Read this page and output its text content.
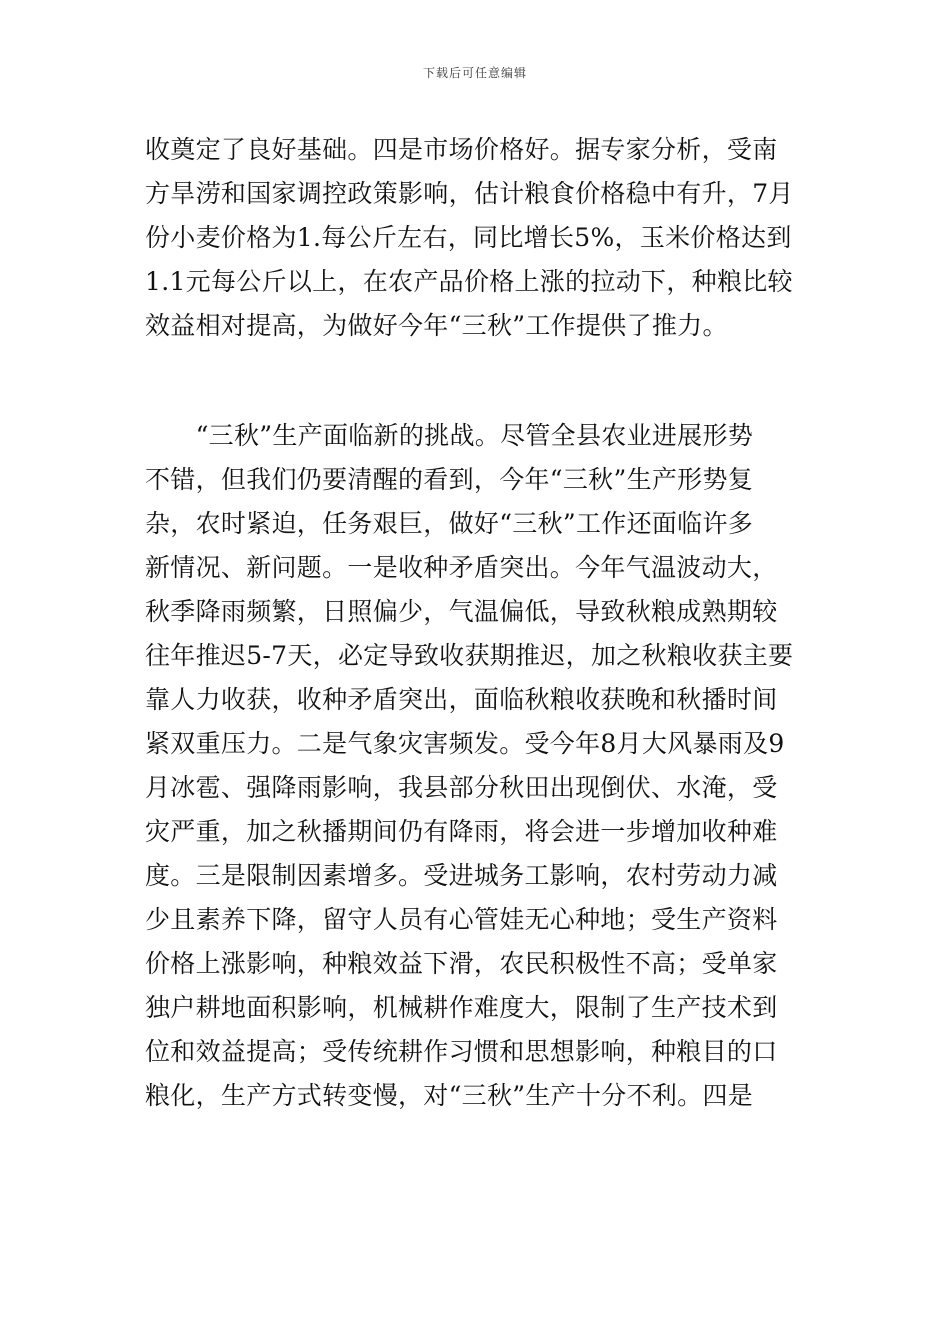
下载后可任意编辑
收奠定了良好基础。四是市场价格好。据专家分析，受南
方旱涝和国家调控政策影响，估计粮食价格稳中有升，7月
份小麦价格为1.每公斤左右，同比增长5%，玉米价格达到
1.1元每公斤以上，在农产品价格上涨的拉动下，种粮比较
效益相对提高，为做好今年“三秋”工作提供了推力。
　　“三秋”生产面临新的挑战。尽管全县农业进展形势
不错，但我们仍要清醒的看到，今年“三秋”生产形势复
杂，农时紧迫，任务艰巨，做好“三秋”工作还面临许多
新情况、新问题。一是收种矛盾突出。今年气温波动大，
秋季降雨频繁，日照偏少，气温偏低，导致秋粮成熟期较
往年推迟5-7天，必定导致收获期推迟，加之秋粮收获主要
靠人力收获，收种矛盾突出，面临秋粮收获晚和秋播时间
紧双重压力。二是气象灾害频发。受今年8月大风暴雨及9
月冰雹、强降雨影响，我县部分秋田出现倒伏、水淹，受
灾严重，加之秋播期间仍有降雨，将会进一步增加收种难
度。三是限制因素增多。受进城务工影响，农村劳动力减
少且素养下降，留守人员有心管娃无心种地；受生产资料
价格上涨影响，种粮效益下滑，农民积极性不高；受单家
独户耕地面积影响，机械耕作难度大，限制了生产技术到
位和效益提高；受传统耕作习惯和思想影响，种粮目的口
粮化，生产方式转变慢，对“三秋”生产十分不利。四是
